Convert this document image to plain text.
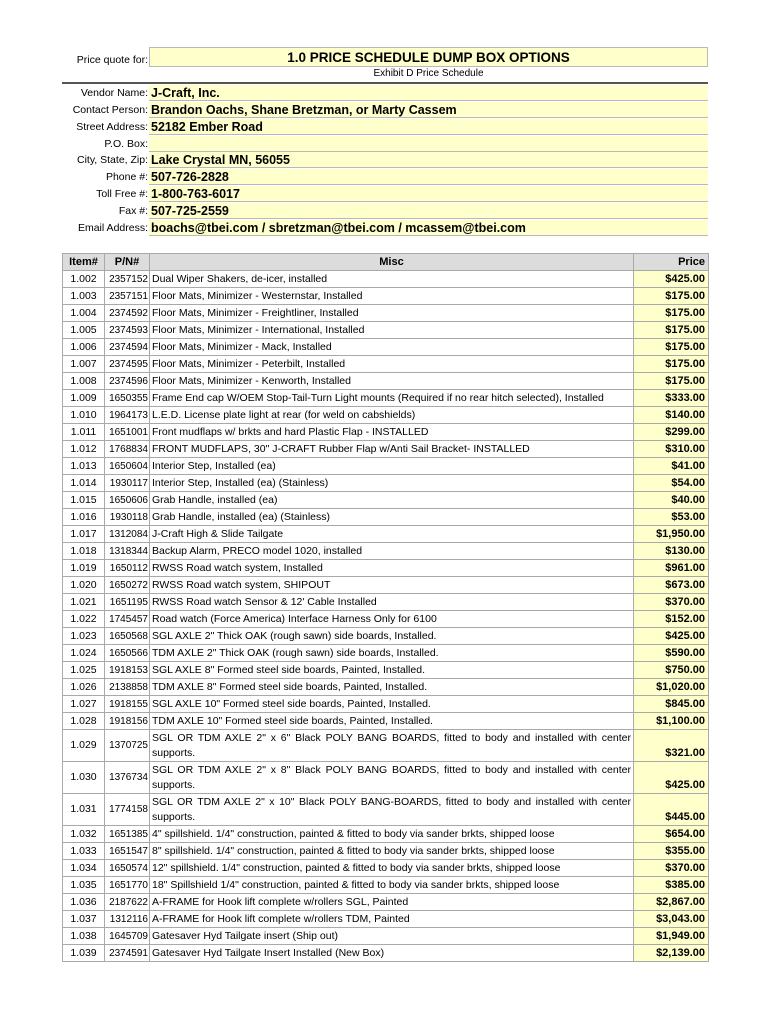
Price quote for:	1.0 PRICE SCHEDULE DUMP BOX OPTIONS
Exhibit D Price Schedule
Vendor Name: J-Craft, Inc.
Contact Person: Brandon Oachs, Shane Bretzman, or Marty Cassem
Street Address: 52182 Ember Road
P.O. Box:
City, State, Zip: Lake Crystal MN, 56055
Phone #: 507-726-2828
Toll Free #: 1-800-763-6017
Fax #: 507-725-2559
Email Address: boachs@tbei.com / sbretzman@tbei.com / mcassem@tbei.com
Item#	P/N#	Misc	Price
1.002	2357152	Dual Wiper Shakers, de-icer, installed	$425.00
1.003	2357151	Floor Mats, Minimizer - Westernstar, Installed	$175.00
1.004	2374592	Floor Mats, Minimizer - Freightliner, Installed	$175.00
1.005	2374593	Floor Mats, Minimizer - International, Installed	$175.00
1.006	2374594	Floor Mats, Minimizer - Mack, Installed	$175.00
1.007	2374595	Floor Mats, Minimizer - Peterbilt, Installed	$175.00
1.008	2374596	Floor Mats, Minimizer - Kenworth, Installed	$175.00
1.009	1650355	Frame End cap W/OEM Stop-Tail-Turn Light mounts (Required if no rear hitch selected), Installed	$333.00
1.010	1964173	L.E.D. License plate light at rear (for weld on cabshields)	$140.00
1.011	1651001	Front mudflaps w/ brkts and hard Plastic Flap - INSTALLED	$299.00
1.012	1768834	FRONT MUDFLAPS, 30" J-CRAFT Rubber Flap w/Anti Sail Bracket- INSTALLED	$310.00
1.013	1650604	Interior Step, Installed (ea)	$41.00
1.014	1930117	Interior Step, Installed (ea) (Stainless)	$54.00
1.015	1650606	Grab Handle, installed (ea)	$40.00
1.016	1930118	Grab Handle, installed (ea) (Stainless)	$53.00
1.017	1312084	J-Craft High & Slide Tailgate	$1,950.00
1.018	1318344	Backup Alarm, PRECO model 1020, installed	$130.00
1.019	1650112	RWSS Road watch system, Installed	$961.00
1.020	1650272	RWSS Road watch system, SHIPOUT	$673.00
1.021	1651195	RWSS Road watch Sensor & 12' Cable Installed	$370.00
1.022	1745457	Road watch (Force America) Interface Harness Only for 6100	$152.00
1.023	1650568	SGL AXLE 2" Thick OAK (rough sawn) side boards, Installed.	$425.00
1.024	1650566	TDM AXLE 2" Thick OAK (rough sawn) side boards, Installed.	$590.00
1.025	1918153	SGL AXLE 8" Formed steel side boards, Painted, Installed.	$750.00
1.026	2138858	TDM AXLE 8" Formed steel side boards, Painted, Installed.	$1,020.00
1.027	1918155	SGL AXLE 10" Formed steel side boards, Painted, Installed.	$845.00
1.028	1918156	TDM AXLE 10" Formed steel side boards, Painted, Installed.	$1,100.00
1.029	1370725	SGL OR TDM AXLE 2" x 6" Black POLY BANG BOARDS, fitted to body and installed with center supports.	$321.00
1.030	1376734	SGL OR TDM AXLE 2" x 8" Black POLY BANG BOARDS, fitted to body and installed with center supports.	$425.00
1.031	1774158	SGL OR TDM AXLE 2" x 10" Black POLY BANG-BOARDS, fitted to body and installed with center supports.	$445.00
1.032	1651385	4" spillshield. 1/4" construction, painted & fitted to body via sander brkts, shipped loose	$654.00
1.033	1651547	8" spillshield. 1/4" construction, painted & fitted to body via sander brkts, shipped loose	$355.00
1.034	1650574	12" spillshield. 1/4" construction, painted & fitted to body via sander brkts, shipped loose	$370.00
1.035	1651770	18" Spillshield 1/4" construction, painted & fitted to body via sander brkts, shipped loose	$385.00
1.036	2187622	A-FRAME for Hook lift complete w/rollers SGL, Painted	$2,867.00
1.037	1312116	A-FRAME for Hook lift complete w/rollers TDM, Painted	$3,043.00
1.038	1645709	Gatesaver Hyd Tailgate insert (Ship out)	$1,949.00
1.039	2374591	Gatesaver Hyd Tailgate Insert Installed (New Box)	$2,139.00
